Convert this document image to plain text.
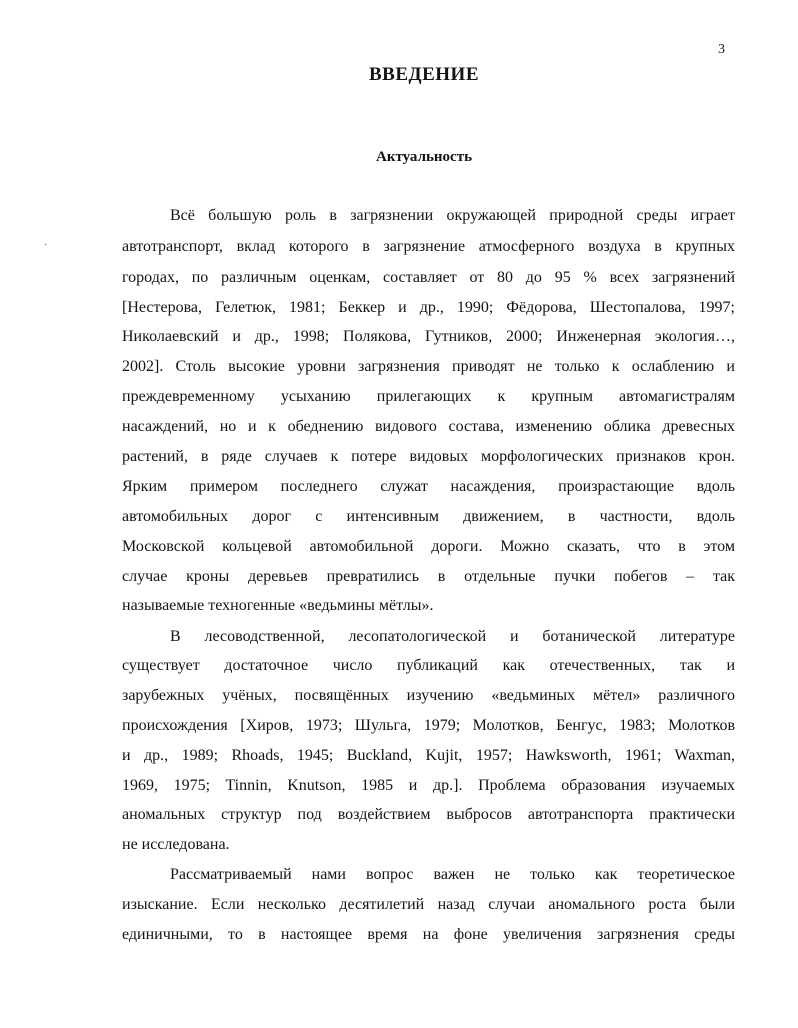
3
ВВЕДЕНИЕ
Актуальность
·
Всё большую роль в загрязнении окружающей природной среды играет
автотранспорт, вклад которого в загрязнение атмосферного воздуха в крупных
городах, по различным оценкам, составляет от 80 до 95 % всех загрязнений
[Нестерова, Гелетюк, 1981; Беккер и др., 1990; Фёдорова, Шестопалова, 1997;
Николаевский и др., 1998; Полякова, Гутников, 2000; Инженерная экология…,
2002]. Столь высокие уровни загрязнения приводят не только к ослаблению и
преждевременному усыханию прилегающих к крупным автомагистралям
насаждений, но и к обеднению видового состава, изменению облика древесных
растений, в ряде случаев к потере видовых морфологических признаков крон.
Ярким примером последнего служат насаждения, произрастающие вдоль
автомобильных дорог с интенсивным движением, в частности, вдоль
Московской кольцевой автомобильной дороги. Можно сказать, что в этом
случае кроны деревьев превратились в отдельные пучки побегов – так
называемые техногенные «ведьмины мётлы».
В лесоводственной, лесопатологической и ботанической литературе
существует достаточное число публикаций как отечественных, так и
зарубежных учёных, посвящённых изучению «ведьминых мётел» различного
происхождения [Хиров, 1973; Шульга, 1979; Молотков, Бенгус, 1983; Молотков
и др., 1989; Rhoads, 1945; Buckland, Kujit, 1957; Hawksworth, 1961; Waxman,
1969, 1975; Tinnin, Knutson, 1985 и др.]. Проблема образования изучаемых
аномальных структур под воздействием выбросов автотранспорта практически
не исследована.
Рассматриваемый нами вопрос важен не только как теоретическое
изыскание. Если несколько десятилетий назад случаи аномального роста были
единичными, то в настоящее время на фоне увеличения загрязнения среды
